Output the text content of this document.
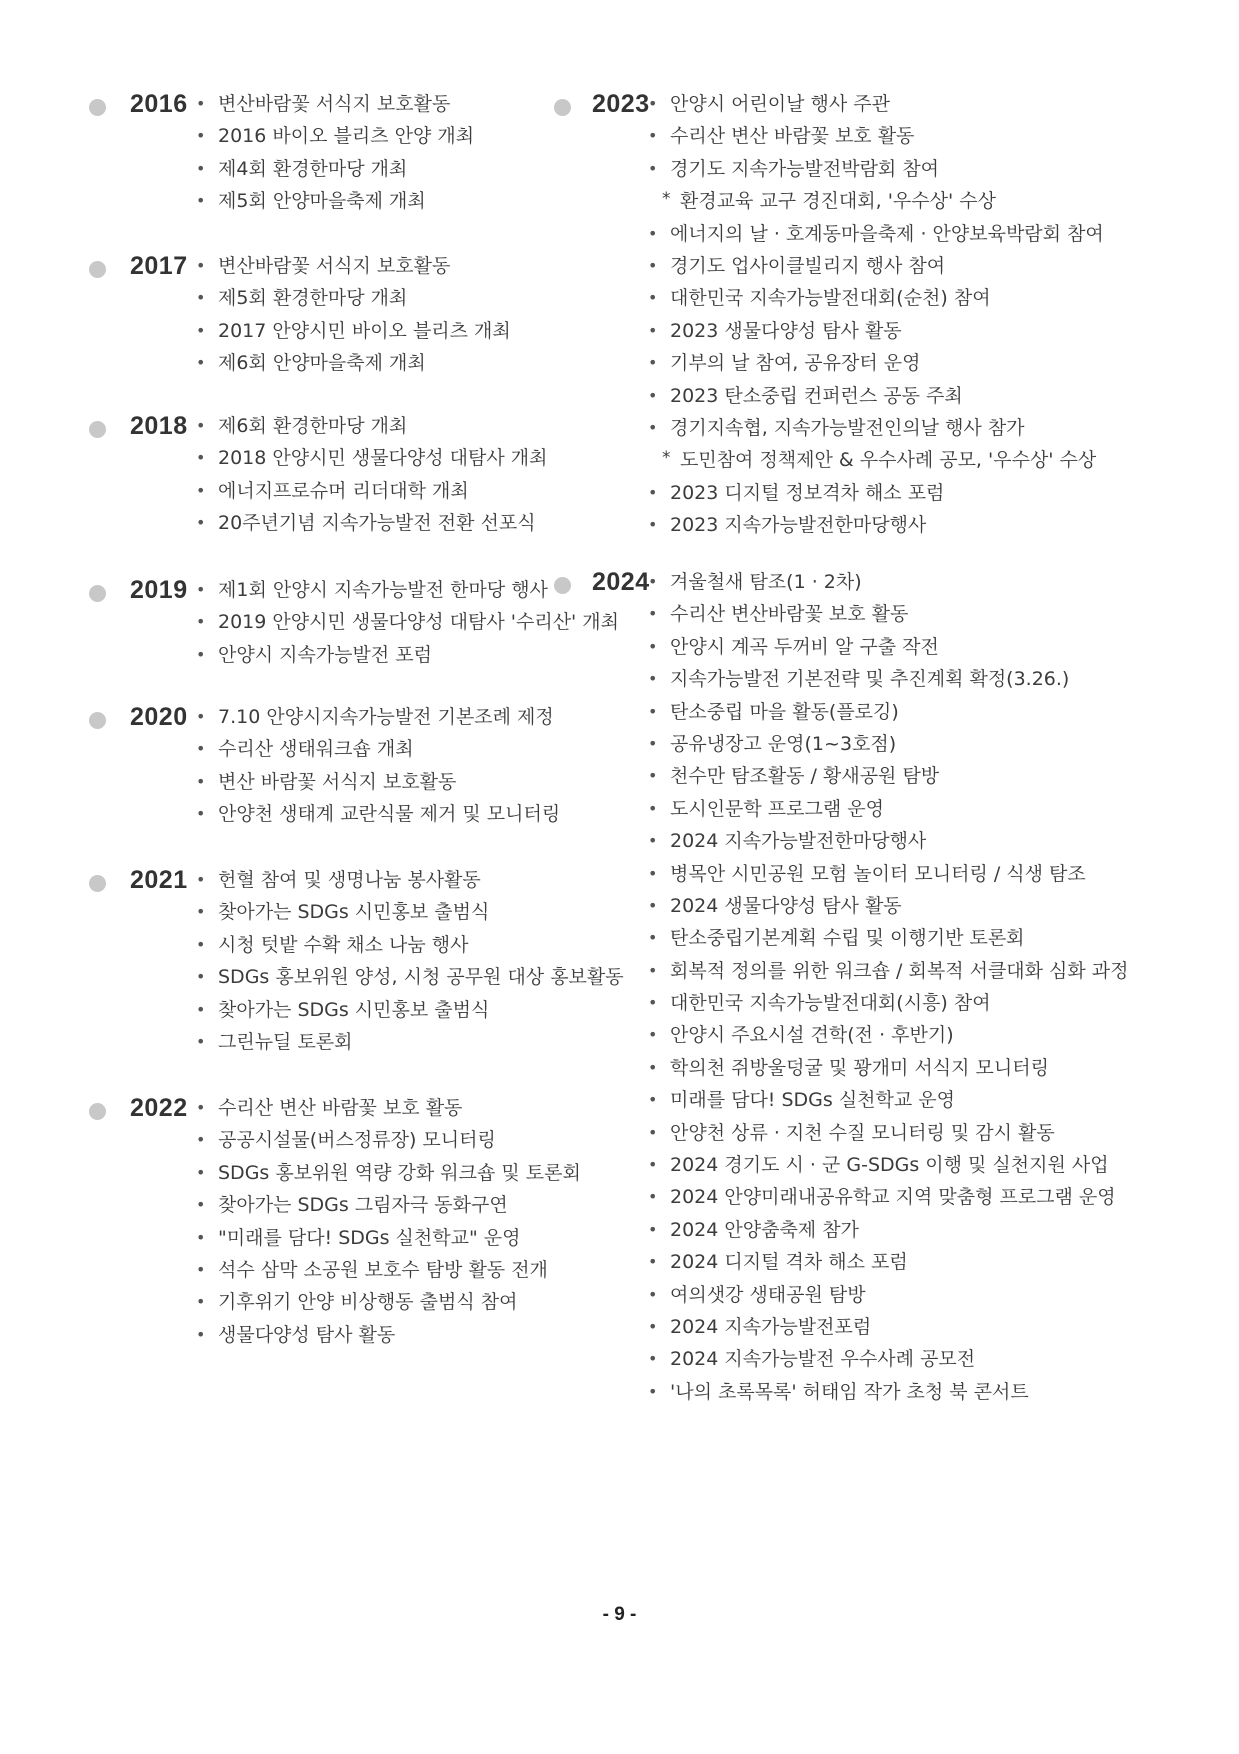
2016 • 변산바람꽃 서식지 보호활동
• 2016 바이오 블리츠 안양 개최
• 제4회 환경한마당 개최
• 제5회 안양마을축제 개최
2017 • 변산바람꽃 서식지 보호활동
• 제5회 환경한마당 개최
• 2017 안양시민 바이오 블리츠 개최
• 제6회 안양마을축제 개최
2018 • 제6회 환경한마당 개최
• 2018 안양시민 생물다양성 대탐사 개최
• 에너지프로슈머 리더대학 개최
• 20주년기념 지속가능발전 전환 선포식
2019 • 제1회 안양시 지속가능발전 한마당 행사
• 2019 안양시민 생물다양성 대탐사 '수리산' 개최
• 안양시 지속가능발전 포럼
2020 • 7.10 안양시지속가능발전 기본조례 제정
• 수리산 생태워크숍 개최
• 변산 바람꽃 서식지 보호활동
• 안양천 생태계 교란식물 제거 및 모니터링
2021 • 헌혈 참여 및 생명나눔 봉사활동
• 찾아가는 SDGs 시민홍보 출범식
• 시청 텃밭 수확 채소 나눔 행사
• SDGs 홍보위원 양성, 시청 공무원 대상 홍보활동
• 찾아가는 SDGs 시민홍보 출범식
• 그린뉴딜 토론회
2022 • 수리산 변산 바람꽃 보호 활동
• 공공시설물(버스정류장) 모니터링
• SDGs 홍보위원 역량 강화 워크숍 및 토론회
• 찾아가는 SDGs 그림자극 동화구연
• "미래를 담다! SDGs 실천학교" 운영
• 석수 삼막 소공원 보호수 탐방 활동 전개
• 기후위기 안양 비상행동 출범식 참여
• 생물다양성 탐사 활동
2023
• 안양시 어린이날 행사 주관
• 수리산 변산 바람꽃 보호 활동
• 경기도 지속가능발전박람회 참여
* 환경교육 교구 경진대회, '우수상' 수상
• 에너지의 날 · 호계동마을축제 · 안양보육박람회 참여
• 경기도 업사이클빌리지 행사 참여
• 대한민국 지속가능발전대회(순천) 참여
• 2023 생물다양성 탐사 활동
• 기부의 날 참여, 공유장터 운영
• 2023 탄소중립 컨퍼런스 공동 주최
• 경기지속협, 지속가능발전인의날 행사 참가
* 도민참여 정책제안 & 우수사례 공모, '우수상' 수상
• 2023 디지털 정보격차 해소 포럼
• 2023 지속가능발전한마당행사
2024
• 겨울철새 탐조(1 · 2차)
• 수리산 변산바람꽃 보호 활동
• 안양시 계곡 두꺼비 알 구출 작전
• 지속가능발전 기본전략 및 추진계획 확정(3.26.)
• 탄소중립 마을 활동(플로깅)
• 공유냉장고 운영(1~3호점)
• 천수만 탐조활동 / 황새공원 탐방
• 도시인문학 프로그램 운영
• 2024 지속가능발전한마당행사
• 병목안 시민공원 모험 놀이터 모니터링 / 식생 탐조
• 2024 생물다양성 탐사 활동
• 탄소중립기본계획 수립 및 이행기반 토론회
• 회복적 정의를 위한 워크숍 / 회복적 서클대화 심화 과정
• 대한민국 지속가능발전대회(시흥) 참여
• 안양시 주요시설 견학(전 · 후반기)
• 학의천 쥐방울덩굴 및 꽝개미 서식지 모니터링
• 미래를 담다! SDGs 실천학교 운영
• 안양천 상류 · 지천 수질 모니터링 및 감시 활동
• 2024 경기도 시 · 군 G-SDGs 이행 및 실천지원 사업
• 2024 안양미래내공유학교 지역 맞춤형 프로그램 운영
• 2024 안양춤축제 참가
• 2024 디지털 격차 해소 포럼
• 여의샛강 생태공원 탐방
• 2024 지속가능발전포럼
• 2024 지속가능발전 우수사례 공모전
• '나의 초록목록' 허태임 작가 초청 북 콘서트
- 9 -
